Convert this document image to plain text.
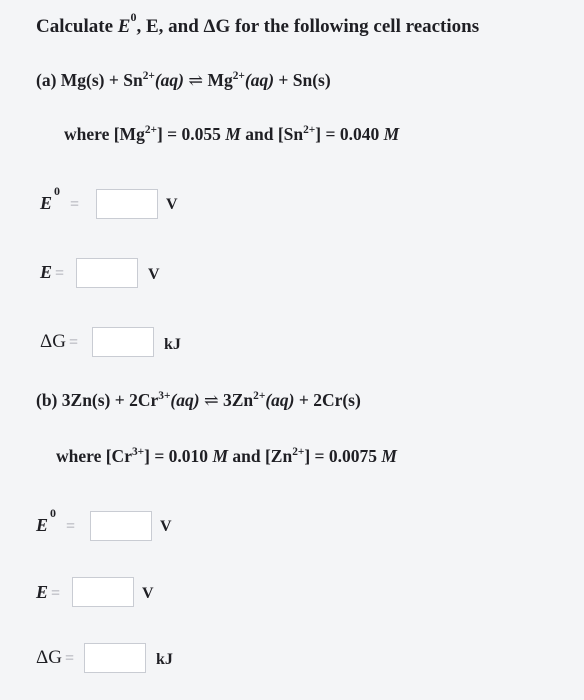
Calculate $E^0$, E, and ΔG for the following cell reactions
(a) $Mg(s) + Sn^{2+}(aq)$ ⇌ $Mg^{2+}(aq) + Sn(s)$
where $[Mg^{2+}] = 0.055$ M and $[Sn^{2+}] = 0.040$ M
$E^0=$	V
E =	V
ΔG =	kJ
(b) $3Zn(s) + 2Cr^{3+}(aq)$ ⇌ $3Zn^{2+}(aq) + 2Cr(s)$
where $[Cr^{3+}] = 0.010$ M and $[Zn^{2+}] = 0.0075$ M
$E^0=$	V
E =	V
ΔG =	kJ
